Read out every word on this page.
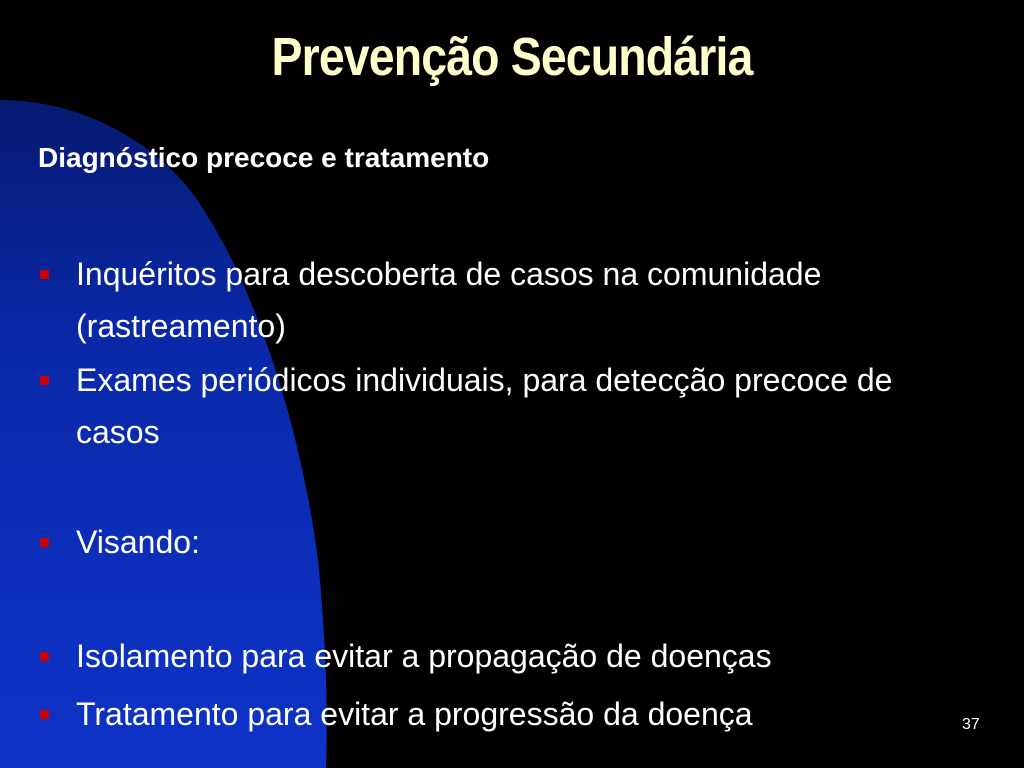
Prevenção Secundária
Diagnóstico precoce e tratamento
Inquéritos para descoberta de casos na comunidade (rastreamento)
Exames periódicos individuais, para detecção precoce de casos
Visando:
Isolamento para evitar a propagação de doenças
Tratamento para evitar a progressão da doença	37
